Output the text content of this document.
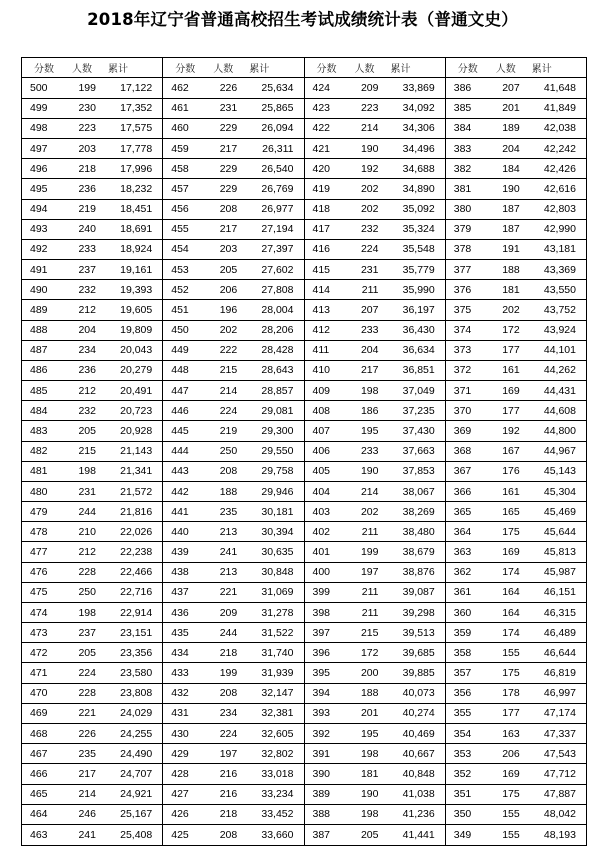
2018年辽宁省普通高校招生考试成绩统计表（普通文史）
分数	人数	累计
500	199	17,122
499	230	17,352
498	223	17,575
497	203	17,778
496	218	17,996
495	236	18,232
494	219	18,451
493	240	18,691
492	233	18,924
491	237	19,161
490	232	19,393
489	212	19,605
488	204	19,809
487	234	20,043
486	236	20,279
485	212	20,491
484	232	20,723
483	205	20,928
482	215	21,143
481	198	21,341
480	231	21,572
479	244	21,816
478	210	22,026
477	212	22,238
476	228	22,466
475	250	22,716
474	198	22,914
473	237	23,151
472	205	23,356
471	224	23,580
470	228	23,808
469	221	24,029
468	226	24,255
467	235	24,490
466	217	24,707
465	214	24,921
464	246	25,167
463	241	25,408
分数	人数	累计
462	226	25,634
461	231	25,865
460	229	26,094
459	217	26,311
458	229	26,540
457	229	26,769
456	208	26,977
455	217	27,194
454	203	27,397
453	205	27,602
452	206	27,808
451	196	28,004
450	202	28,206
449	222	28,428
448	215	28,643
447	214	28,857
446	224	29,081
445	219	29,300
444	250	29,550
443	208	29,758
442	188	29,946
441	235	30,181
440	213	30,394
439	241	30,635
438	213	30,848
437	221	31,069
436	209	31,278
435	244	31,522
434	218	31,740
433	199	31,939
432	208	32,147
431	234	32,381
430	224	32,605
429	197	32,802
428	216	33,018
427	216	33,234
426	218	33,452
425	208	33,660
分数	人数	累计
424	209	33,869
423	223	34,092
422	214	34,306
421	190	34,496
420	192	34,688
419	202	34,890
418	202	35,092
417	232	35,324
416	224	35,548
415	231	35,779
414	211	35,990
413	207	36,197
412	233	36,430
411	204	36,634
410	217	36,851
409	198	37,049
408	186	37,235
407	195	37,430
406	233	37,663
405	190	37,853
404	214	38,067
403	202	38,269
402	211	38,480
401	199	38,679
400	197	38,876
399	211	39,087
398	211	39,298
397	215	39,513
396	172	39,685
395	200	39,885
394	188	40,073
393	201	40,274
392	195	40,469
391	198	40,667
390	181	40,848
389	190	41,038
388	198	41,236
387	205	41,441
分数	人数	累计
386	207	41,648
385	201	41,849
384	189	42,038
383	204	42,242
382	184	42,426
381	190	42,616
380	187	42,803
379	187	42,990
378	191	43,181
377	188	43,369
376	181	43,550
375	202	43,752
374	172	43,924
373	177	44,101
372	161	44,262
371	169	44,431
370	177	44,608
369	192	44,800
368	167	44,967
367	176	45,143
366	161	45,304
365	165	45,469
364	175	45,644
363	169	45,813
362	174	45,987
361	164	46,151
360	164	46,315
359	174	46,489
358	155	46,644
357	175	46,819
356	178	46,997
355	177	47,174
354	163	47,337
353	206	47,543
352	169	47,712
351	175	47,887
350	155	48,042
349	155	48,193
